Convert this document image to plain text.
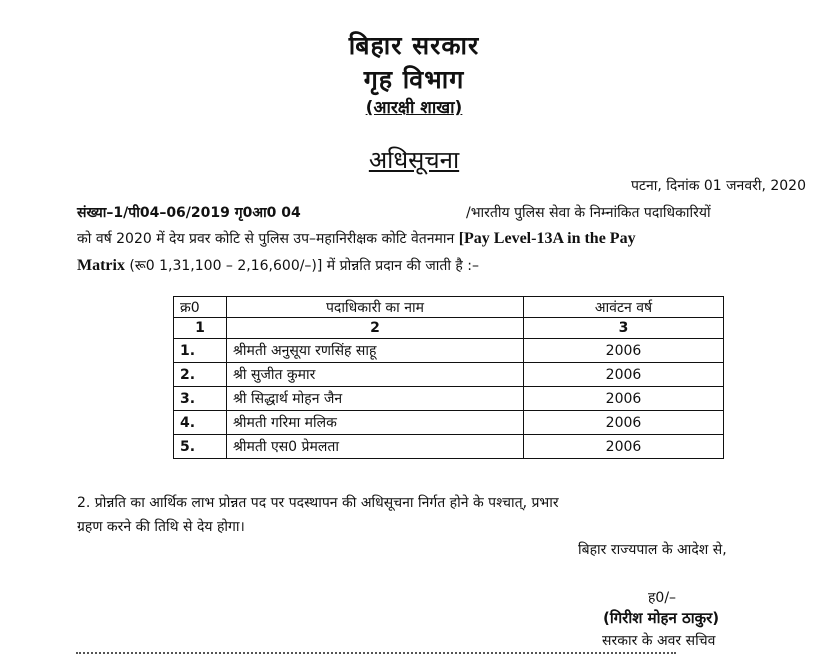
बिहार सरकार
गृह विभाग
(आरक्षी शाखा)
अधिसूचना
पटना, दिनांक 01 जनवरी, 2020
संख्या–1/पी04–06/2019 गृ0आ0 04	/भारतीय पुलिस सेवा के निम्नांकित पदाधिकारियों
को वर्ष 2020 में देय प्रवर कोटि से पुलिस उप–महानिरीक्षक कोटि वेतनमान [Pay Level-13A in the Pay
Matrix (रू0 1,31,100 – 2,16,600/–)] में प्रोन्नति प्रदान की जाती है :–
क्र0	पदाधिकारी का नाम	आवंटन वर्ष
1	2	3
1.	श्रीमती अनुसूया रणसिंह साहू	2006
2.	श्री सुजीत कुमार	2006
3.	श्री सिद्धार्थ मोहन जैन	2006
4.	श्रीमती गरिमा मलिक	2006
5.	श्रीमती एस0 प्रेमलता	2006
2. प्रोन्नति का आर्थिक लाभ प्रोन्नत पद पर पदस्थापन की अधिसूचना निर्गत होने के पश्चात्, प्रभार
ग्रहण करने की तिथि से देय होगा।
बिहार राज्यपाल के आदेश से,
ह0/–
(गिरीश मोहन ठाकुर)
सरकार के अवर सचिव
